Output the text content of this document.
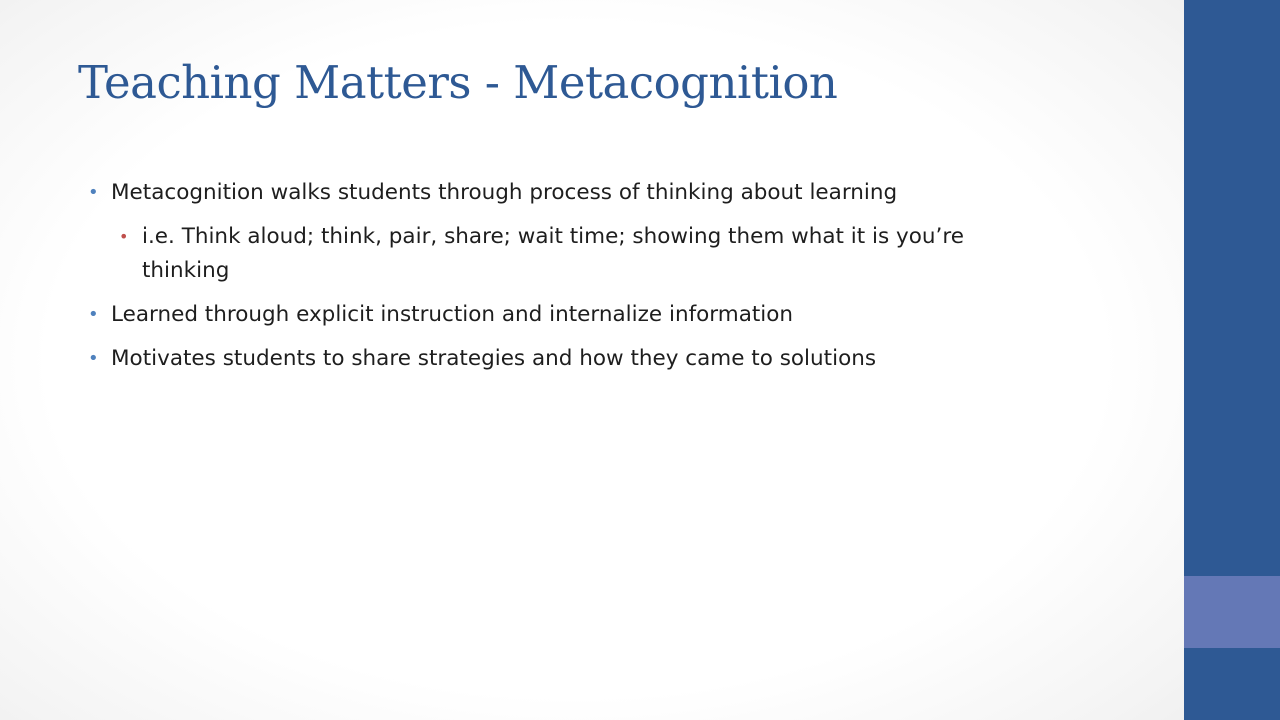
Teaching Matters - Metacognition
• Metacognition walks students through process of thinking about learning
• i.e. Think aloud; think, pair, share; wait time; showing them what it is you’re thinking
• Learned through explicit instruction and internalize information
• Motivates students to share strategies and how they came to solutions
